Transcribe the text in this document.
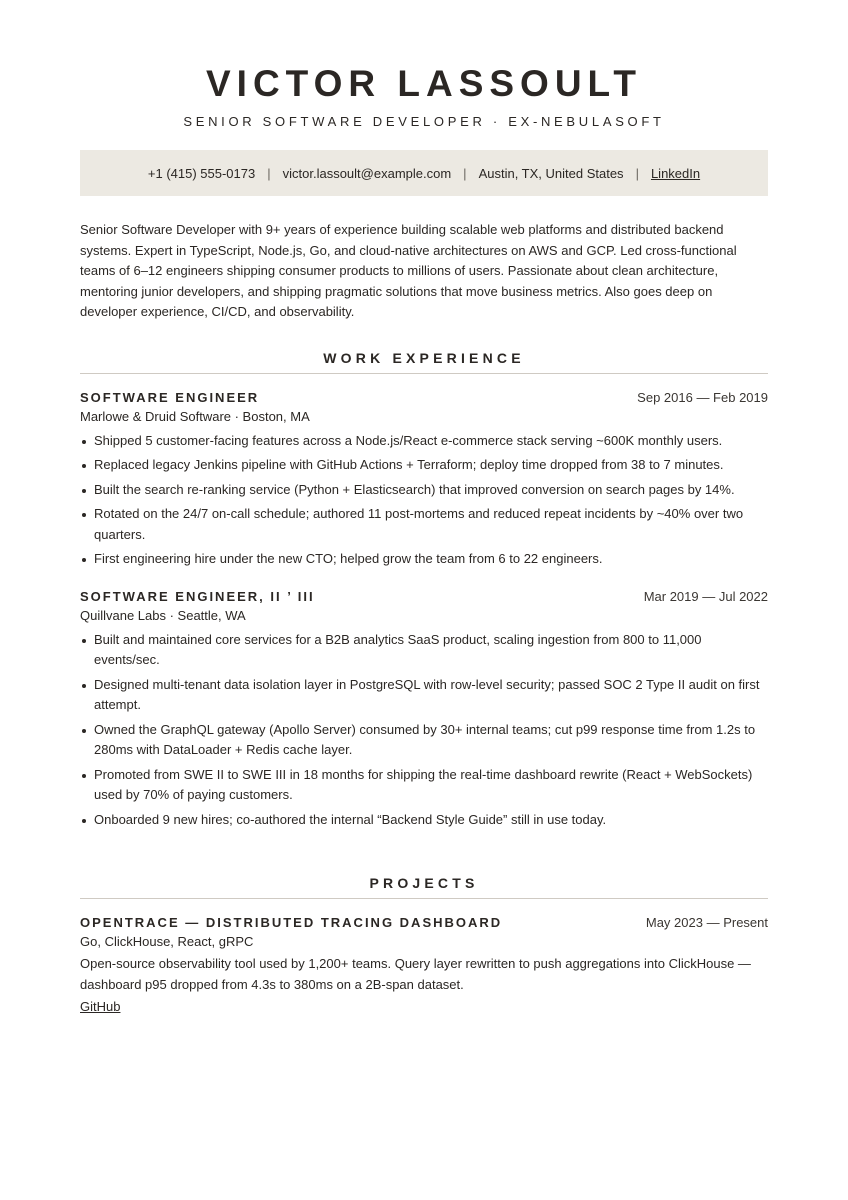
VICTOR LASSOULT
SENIOR SOFTWARE DEVELOPER · EX-NEBULASOFT
+1 (415) 555-0173 | victor.lassoult@example.com | Austin, TX, United States | LinkedIn

Senior Software Developer with 9+ years of experience building scalable web platforms and distributed backend systems. Expert in TypeScript, Node.js, Go, and cloud-native architectures on AWS and GCP. Led cross-functional teams of 6–12 engineers shipping consumer products to millions of users. Passionate about clean architecture, mentoring junior developers, and shipping pragmatic solutions that move business metrics. Also goes deep on developer experience, CI/CD, and observability.

WORK EXPERIENCE
SOFTWARE ENGINEER	Sep 2016 — Feb 2019
Marlowe & Druid Software · Boston, MA
Shipped 5 customer-facing features across a Node.js/React e-commerce stack serving ~600K monthly users.
Replaced legacy Jenkins pipeline with GitHub Actions + Terraform; deploy time dropped from 38 to 7 minutes.
Built the search re-ranking service (Python + Elasticsearch) that improved conversion on search pages by 14%.
Rotated on the 24/7 on-call schedule; authored 11 post-mortems and reduced repeat incidents by ~40% over two quarters.
First engineering hire under the new CTO; helped grow the team from 6 to 22 engineers.
SOFTWARE ENGINEER, II ’ III	Mar 2019 — Jul 2022
Quillvane Labs · Seattle, WA
Built and maintained core services for a B2B analytics SaaS product, scaling ingestion from 800 to 11,000 events/sec.
Designed multi-tenant data isolation layer in PostgreSQL with row-level security; passed SOC 2 Type II audit on first attempt.
Owned the GraphQL gateway (Apollo Server) consumed by 30+ internal teams; cut p99 response time from 1.2s to 280ms with DataLoader + Redis cache layer.
Promoted from SWE II to SWE III in 18 months for shipping the real-time dashboard rewrite (React + WebSockets) used by 70% of paying customers.
Onboarded 9 new hires; co-authored the internal “Backend Style Guide” still in use today.
PROJECTS
OPENTRACE — DISTRIBUTED TRACING DASHBOARD	May 2023 — Present
Go, ClickHouse, React, gRPC
Open-source observability tool used by 1,200+ teams. Query layer rewritten to push aggregations into ClickHouse — dashboard p95 dropped from 4.3s to 380ms on a 2B-span dataset.
GitHub
